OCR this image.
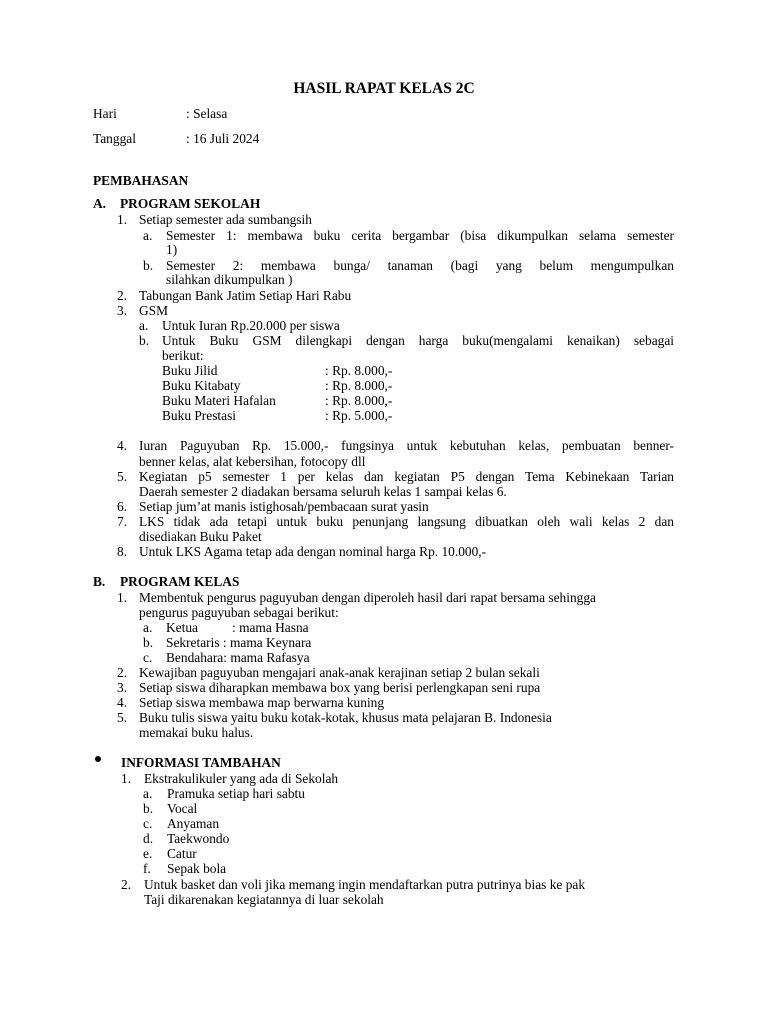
HASIL RAPAT KELAS 2C
Hari	: Selasa
Tanggal	: 16 Juli 2024
PEMBAHASAN
A. PROGRAM SEKOLAH
1. Setiap semester ada sumbangsih
a. Semester 1: membawa buku cerita bergambar (bisa dikumpulkan selama semester
1)
b. Semester 2: membawa bunga/ tanaman (bagi yang belum mengumpulkan
silahkan dikumpulkan )
2. Tabungan Bank Jatim Setiap Hari Rabu
3. GSM
a. Untuk Iuran Rp.20.000 per siswa
b. Untuk Buku GSM dilengkapi dengan harga buku(mengalami kenaikan) sebagai
berikut:
Buku Jilid	: Rp. 8.000,-
Buku Kitabaty	: Rp. 8.000,-
Buku Materi Hafalan	: Rp. 8.000,-
Buku Prestasi	: Rp. 5.000,-
4. Iuran Paguyuban Rp. 15.000,- fungsinya untuk kebutuhan kelas, pembuatan benner-
benner kelas, alat kebersihan, fotocopy dll
5. Kegiatan p5 semester 1 per kelas dan kegiatan P5 dengan Tema Kebinekaan Tarian
Daerah semester 2 diadakan bersama seluruh kelas 1 sampai kelas 6.
6. Setiap jum’at manis istighosah/pembacaan surat yasin
7. LKS tidak ada tetapi untuk buku penunjang langsung dibuatkan oleh wali kelas 2 dan
disediakan Buku Paket
8. Untuk LKS Agama tetap ada dengan nominal harga Rp. 10.000,-
B. PROGRAM KELAS
1. Membentuk pengurus paguyuban dengan diperoleh hasil dari rapat bersama sehingga
pengurus paguyuban sebagai berikut:
a. Ketua	: mama Hasna
b. Sekretaris : mama Keynara
c. Bendahara: mama Rafasya
2. Kewajiban paguyuban mengajari anak-anak kerajinan setiap 2 bulan sekali
3. Setiap siswa diharapkan membawa box yang berisi perlengkapan seni rupa
4. Setiap siswa membawa map berwarna kuning
5. Buku tulis siswa yaitu buku kotak-kotak, khusus mata pelajaran B. Indonesia
memakai buku halus.
INFORMASI TAMBAHAN
1. Ekstrakulikuler yang ada di Sekolah
a. Pramuka setiap hari sabtu
b. Vocal
c. Anyaman
d. Taekwondo
e. Catur
f. Sepak bola
2. Untuk basket dan voli jika memang ingin mendaftarkan putra putrinya bias ke pak
Taji dikarenakan kegiatannya di luar sekolah
